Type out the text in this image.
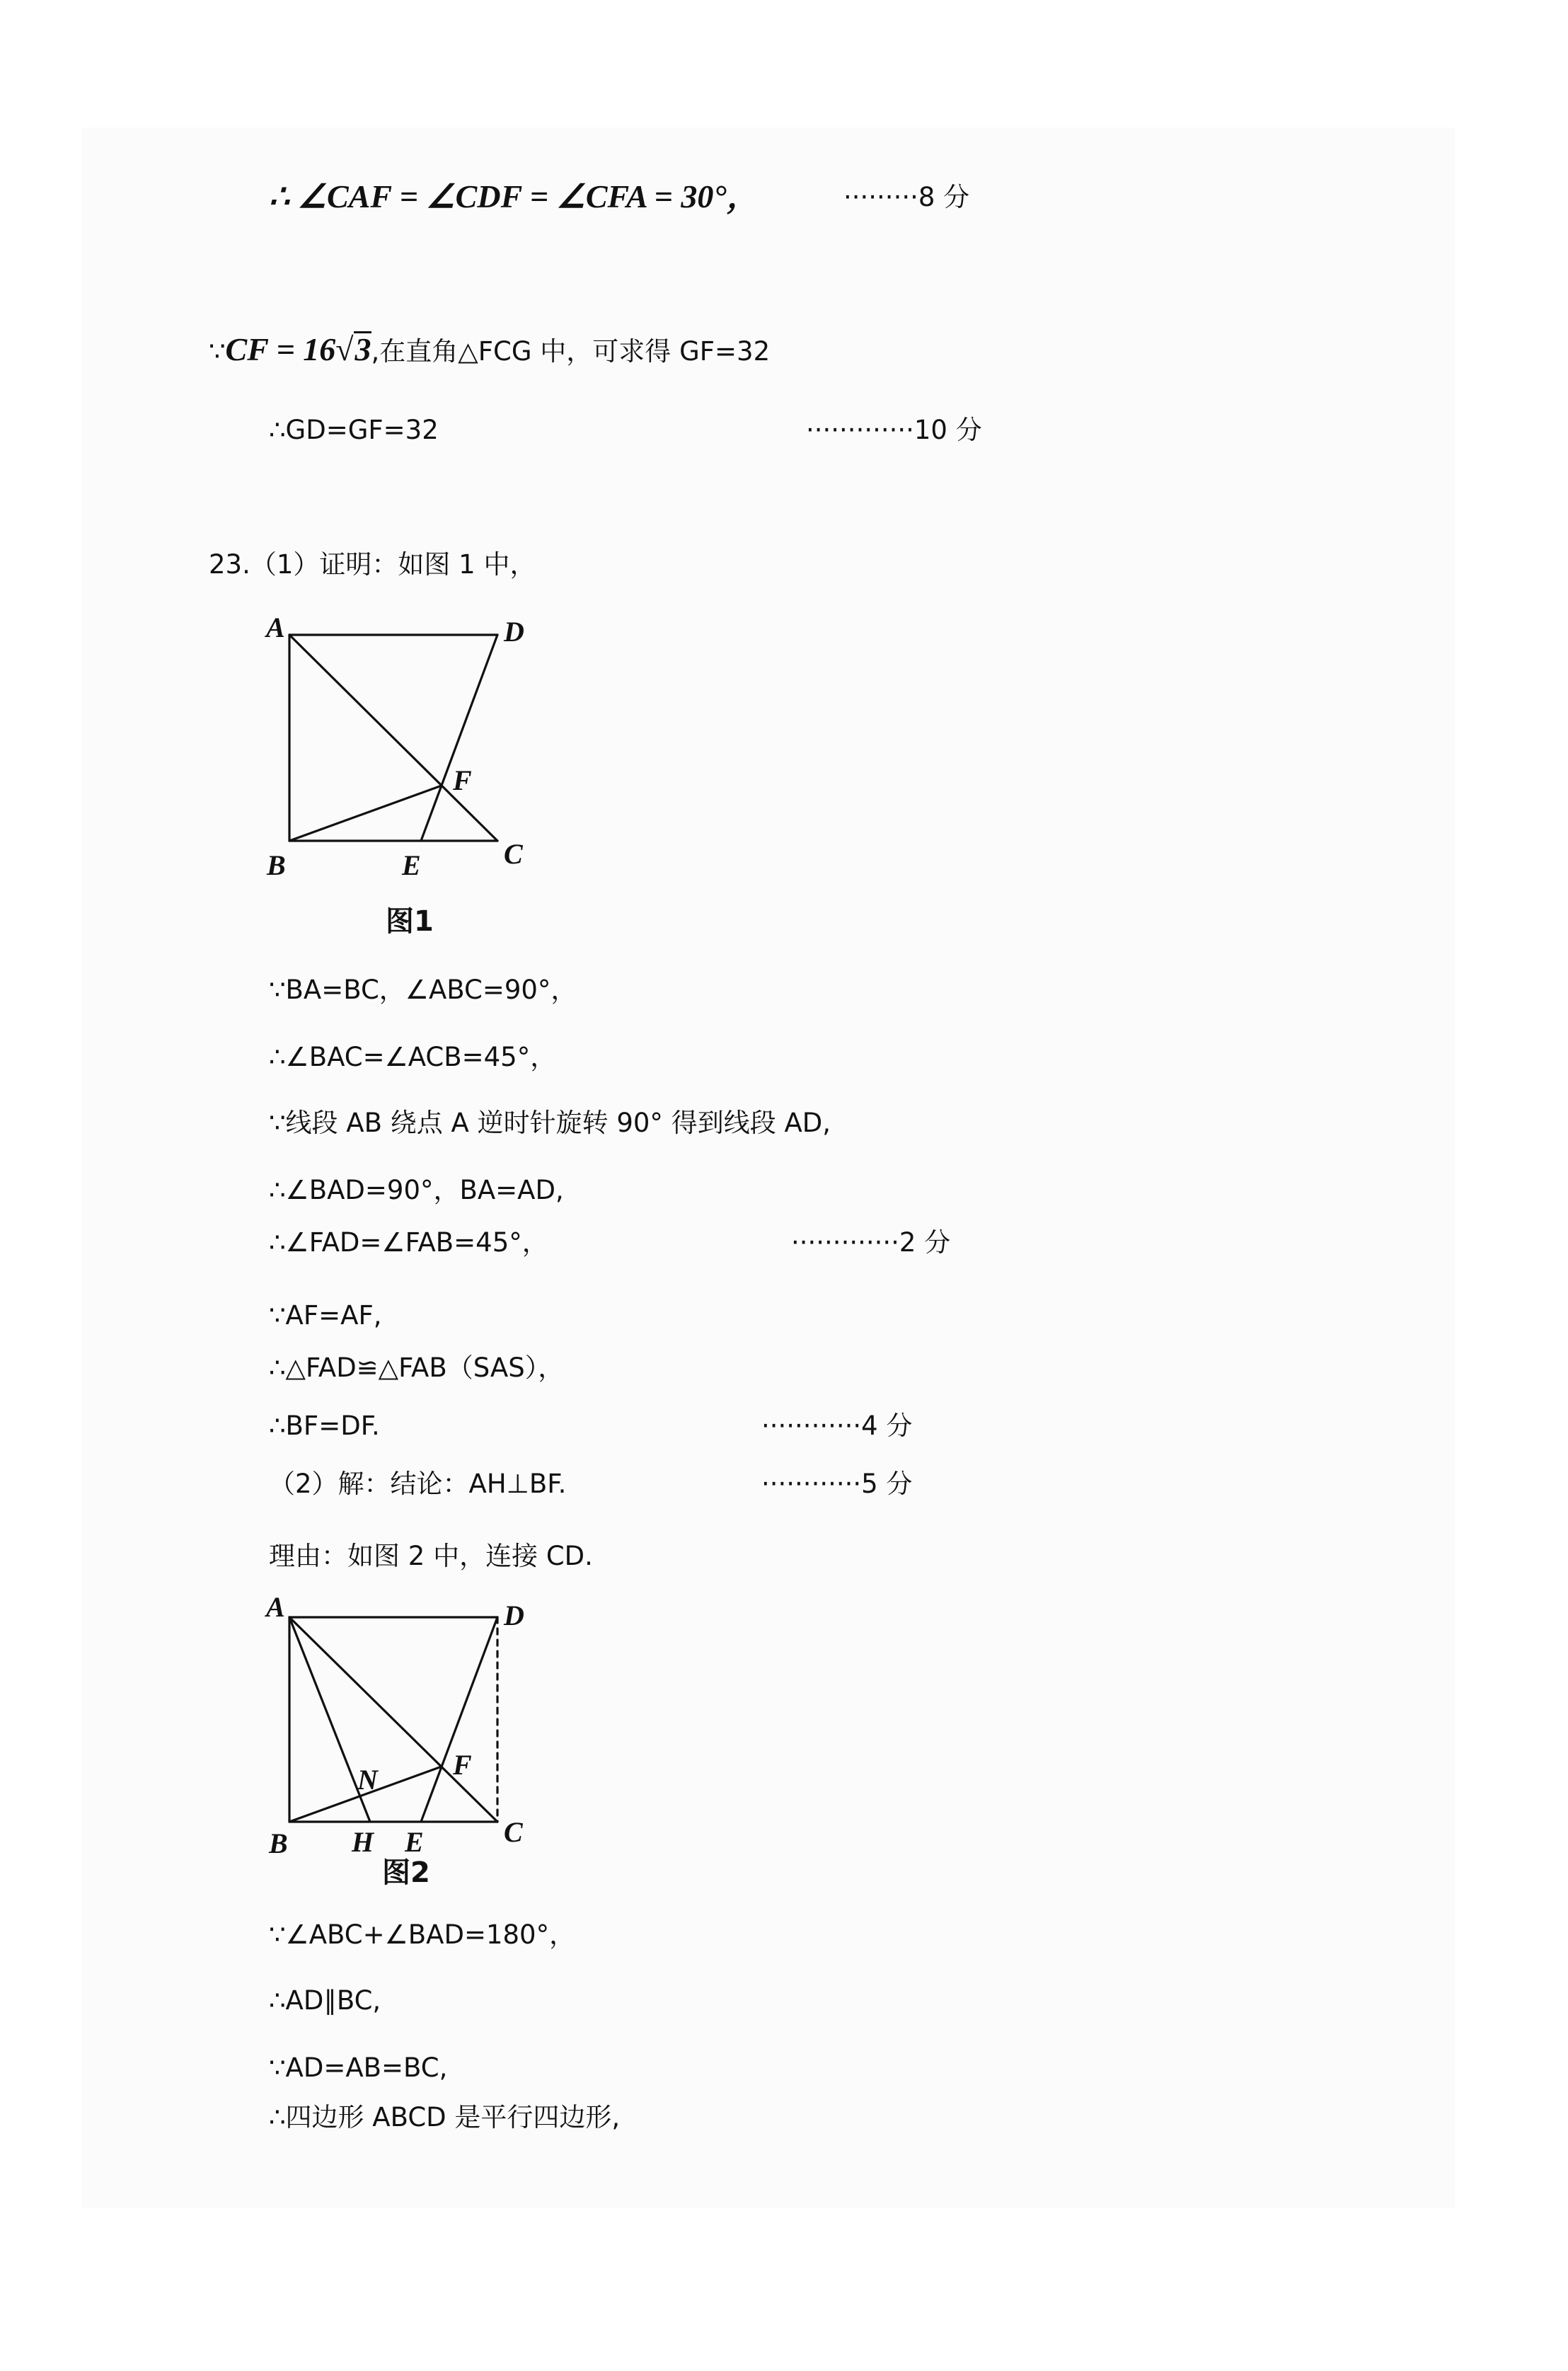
∴ ∠CAF = ∠CDF = ∠CFA = 30°，	·········8 分
∵ CF = 16 √ 3 ,在直角△FCG 中，可求得 GF=32
∴GD=GF=32	·············10 分
23.（1）证明：如图 1 中，
图1
∵BA=BC，∠ABC=90°，
∴∠BAC=∠ACB=45°，
∵线段 AB 绕点 A 逆时针旋转 90° 得到线段 AD,
∴∠BAD=90°，BA=AD,
∴∠FAD=∠FAB=45°，	·············2 分
∵AF=AF,
∴△FAD≌△FAB（SAS），
∴BF=DF.	············4 分
（2）解：结论：AH⊥BF.	············5 分
理由：如图 2 中，连接 CD.
图2
∵∠ABC+∠BAD=180°，
∴AD∥BC,
∵AD=AB=BC,
∴四边形 ABCD 是平行四边形,
A	D
F
B	E	C
A	D
N	F
B H E	C
